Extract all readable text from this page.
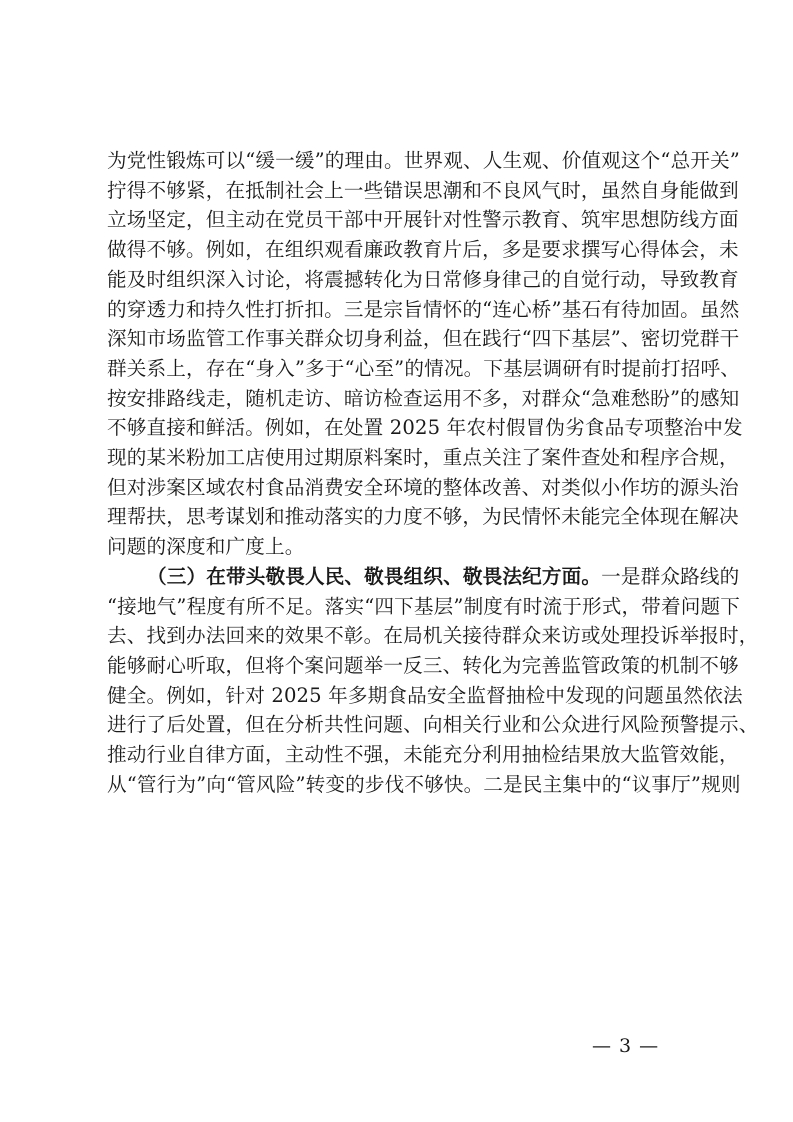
为党性锻炼可以“缓一缓”的理由。世界观、人生观、价值观这个“总开关”
拧得不够紧，在抵制社会上一些错误思潮和不良风气时，虽然自身能做到
立场坚定，但主动在党员干部中开展针对性警示教育、筑牢思想防线方面
做得不够。例如，在组织观看廉政教育片后，多是要求撰写心得体会，未
能及时组织深入讨论，将震撼转化为日常修身律己的自觉行动，导致教育
的穿透力和持久性打折扣。三是宗旨情怀的“连心桥”基石有待加固。虽然
深知市场监管工作事关群众切身利益，但在践行“四下基层”、密切党群干
群关系上，存在“身入”多于“心至”的情况。下基层调研有时提前打招呼、
按安排路线走，随机走访、暗访检查运用不多，对群众“急难愁盼”的感知
不够直接和鲜活。例如，在处置 2025 年农村假冒伪劣食品专项整治中发
现的某米粉加工店使用过期原料案时，重点关注了案件查处和程序合规，
但对涉案区域农村食品消费安全环境的整体改善、对类似小作坊的源头治
理帮扶，思考谋划和推动落实的力度不够，为民情怀未能完全体现在解决
问题的深度和广度上。
（三）在带头敬畏人民、敬畏组织、敬畏法纪方面。一是群众路线的
“接地气”程度有所不足。落实“四下基层”制度有时流于形式，带着问题下
去、找到办法回来的效果不彰。在局机关接待群众来访或处理投诉举报时，
能够耐心听取，但将个案问题举一反三、转化为完善监管政策的机制不够
健全。例如，针对 2025 年多期食品安全监督抽检中发现的问题虽然依法
进行了后处置，但在分析共性问题、向相关行业和公众进行风险预警提示、
推动行业自律方面，主动性不强，未能充分利用抽检结果放大监管效能，
从“管行为”向“管风险”转变的步伐不够快。二是民主集中的“议事厅”规则
— 3 —
